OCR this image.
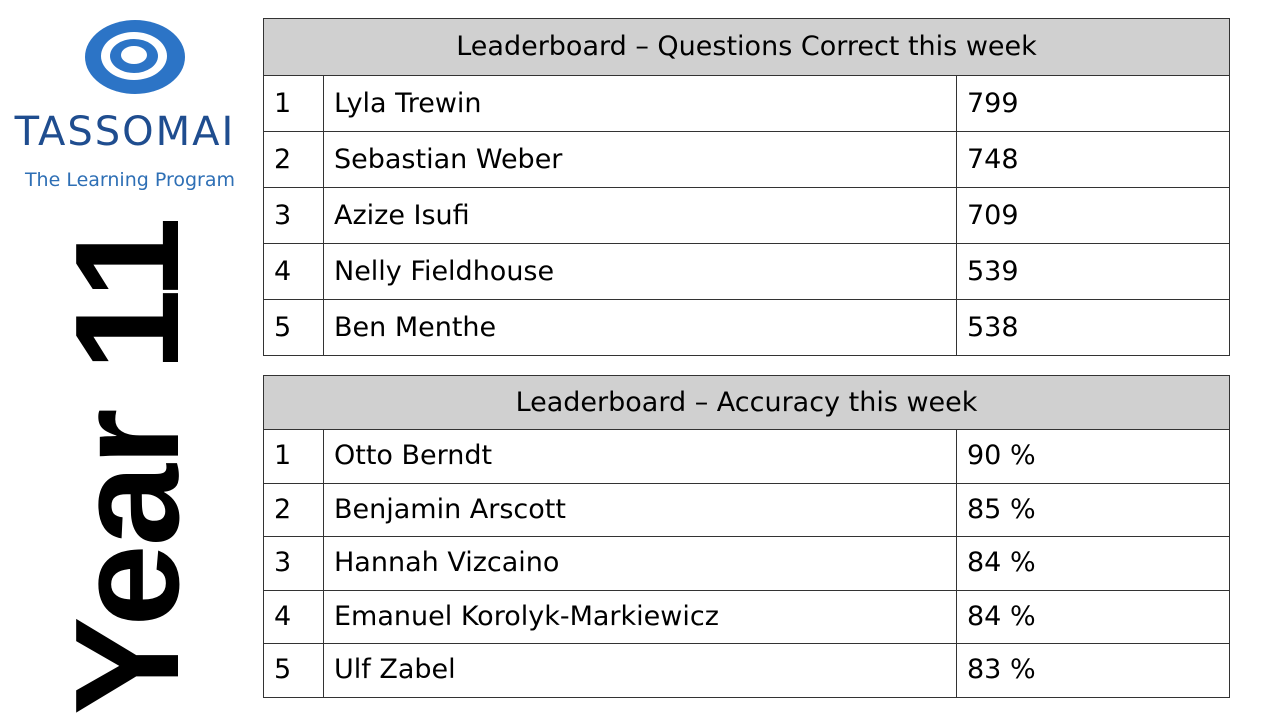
TASSOMAI
The Learning Program
Year 11
Leaderboard – Questions Correct this week
1	Lyla Trewin	799
2	Sebastian Weber	748
3	Azize Isufi	709
4	Nelly Fieldhouse	539
5	Ben Menthe	538
Leaderboard – Accuracy this week
1	Otto Berndt	90 %
2	Benjamin Arscott	85 %
3	Hannah Vizcaino	84 %
4	Emanuel Korolyk-Markiewicz	84 %
5	Ulf Zabel	83 %
